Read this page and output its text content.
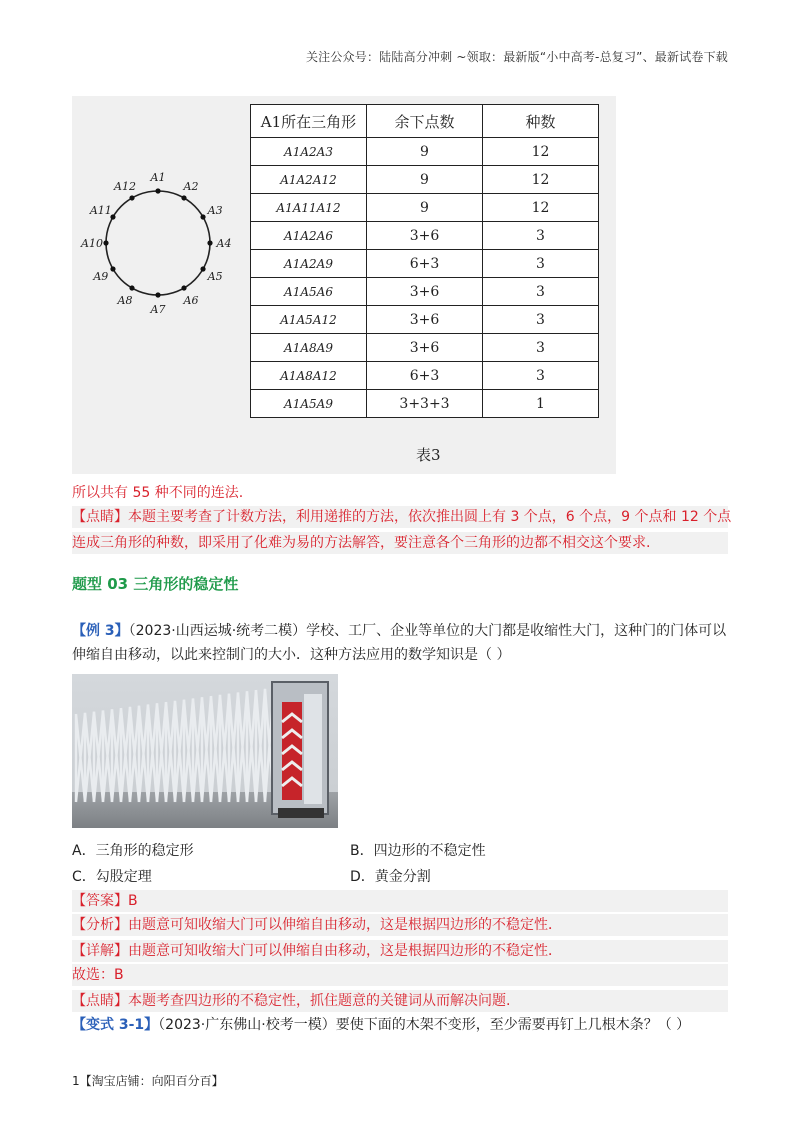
关注公众号：陆陆高分冲刺 ~领取：最新版“小中高考-总复习”、最新试卷下载
A1
A2
A3
A4
A5
A6
A7
A8
A9
A10
A11
A12
A1所在三角形	余下点数	种数
A1A2A3	9	12
A1A2A12	9	12
A1A11A12	9	12
A1A2A6	3+6	3
A1A2A9	6+3	3
A1A5A6	3+6	3
A1A5A12	3+6	3
A1A8A9	3+6	3
A1A8A12	6+3	3
A1A5A9	3+3+3	1
表3
所以共有 55 种不同的连法.
【点睛】本题主要考查了计数方法，利用递推的方法，依次推出圆上有 3 个点，6 个点，9 个点和 12 个点
连成三角形的种数，即采用了化难为易的方法解答，要注意各个三角形的边都不相交这个要求.
题型 03 三角形的稳定性
【例 3】（2023·山西运城·统考二模）学校、工厂、企业等单位的大门都是收缩性大门，这种门的门体可以
伸缩自由移动，以此来控制门的大小．这种方法应用的数学知识是（ ）
A．三角形的稳定形	B．四边形的不稳定性
C．勾股定理	D．黄金分割
【答案】B
【分析】由题意可知收缩大门可以伸缩自由移动，这是根据四边形的不稳定性．
【详解】由题意可知收缩大门可以伸缩自由移动，这是根据四边形的不稳定性．
故选：B
【点睛】本题考查四边形的不稳定性，抓住题意的关键词从而解决问题.
【变式 3-1】（2023·广东佛山·校考一模）要使下面的木架不变形，至少需要再钉上几根木条？（ ）
1【淘宝店铺：向阳百分百】
